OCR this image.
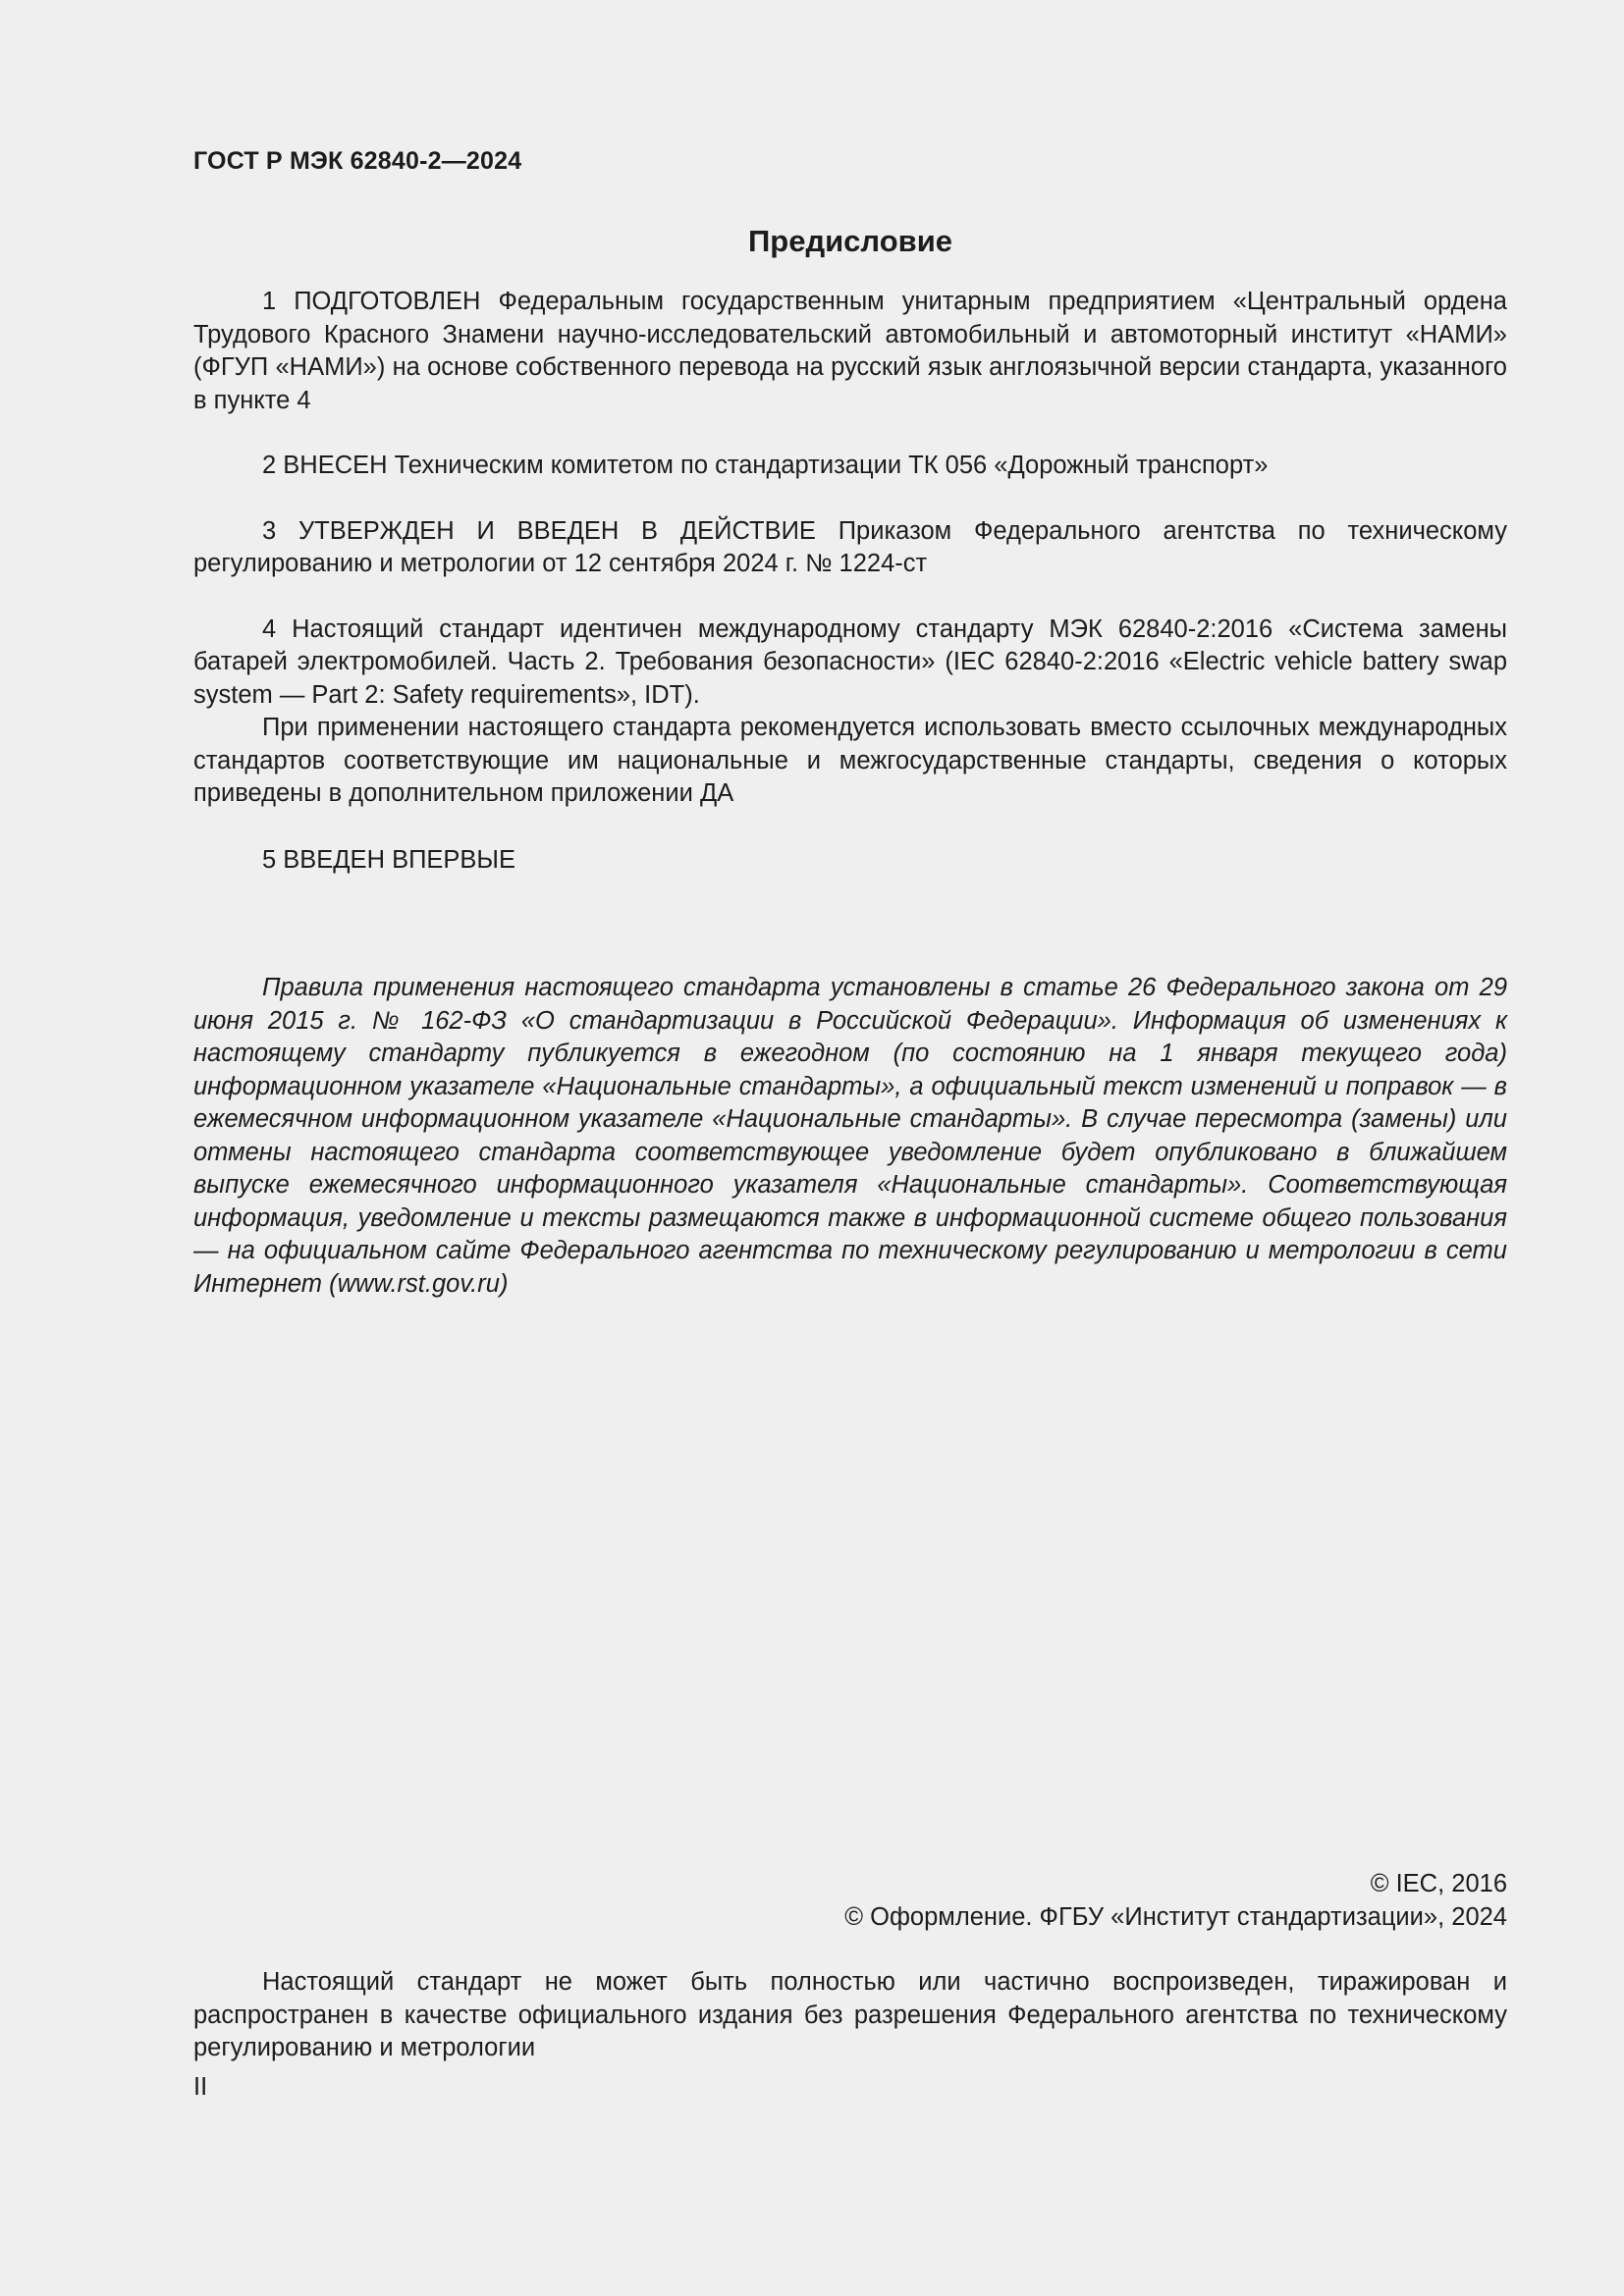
ГОСТ Р МЭК 62840-2—2024
Предисловие

1 ПОДГОТОВЛЕН Федеральным государственным унитарным предприятием «Центральный ордена Трудового Красного Знамени научно-исследовательский автомобильный и автомоторный институт «НАМИ» (ФГУП «НАМИ») на основе собственного перевода на русский язык англоязычной версии стандарта, указанного в пункте 4

2 ВНЕСЕН Техническим комитетом по стандартизации ТК 056 «Дорожный транспорт»

3 УТВЕРЖДЕН И ВВЕДЕН В ДЕЙСТВИЕ Приказом Федерального агентства по техническому регулированию и метрологии от 12 сентября 2024 г. № 1224-ст

4 Настоящий стандарт идентичен международному стандарту МЭК 62840-2:2016 «Система замены батарей электромобилей. Часть 2. Требования безопасности» (IEC 62840-2:2016 «Electric vehicle battery swap system — Part 2: Safety requirements», IDT).

При применении настоящего стандарта рекомендуется использовать вместо ссылочных международных стандартов соответствующие им национальные и межгосударственные стандарты, сведения о которых приведены в дополнительном приложении ДА

5 ВВЕДЕН ВПЕРВЫЕ

Правила применения настоящего стандарта установлены в статье 26 Федерального закона от 29 июня 2015 г. № 162-ФЗ «О стандартизации в Российской Федерации». Информация об изменениях к настоящему стандарту публикуется в ежегодном (по состоянию на 1 января текущего года) информационном указателе «Национальные стандарты», а официальный текст изменений и поправок — в ежемесячном информационном указателе «Национальные стандарты». В случае пересмотра (замены) или отмены настоящего стандарта соответствующее уведомление будет опубликовано в ближайшем выпуске ежемесячного информационного указателя «Национальные стандарты». Соответствующая информация, уведомление и тексты размещаются также в информационной системе общего пользования — на официальном сайте Федерального агентства по техническому регулированию и метрологии в сети Интернет (www.rst.gov.ru)
© IEC, 2016
© Оформление. ФГБУ «Институт стандартизации», 2024
Настоящий стандарт не может быть полностью или частично воспроизведен, тиражирован и распространен в качестве официального издания без разрешения Федерального агентства по техническому регулированию и метрологии
II
